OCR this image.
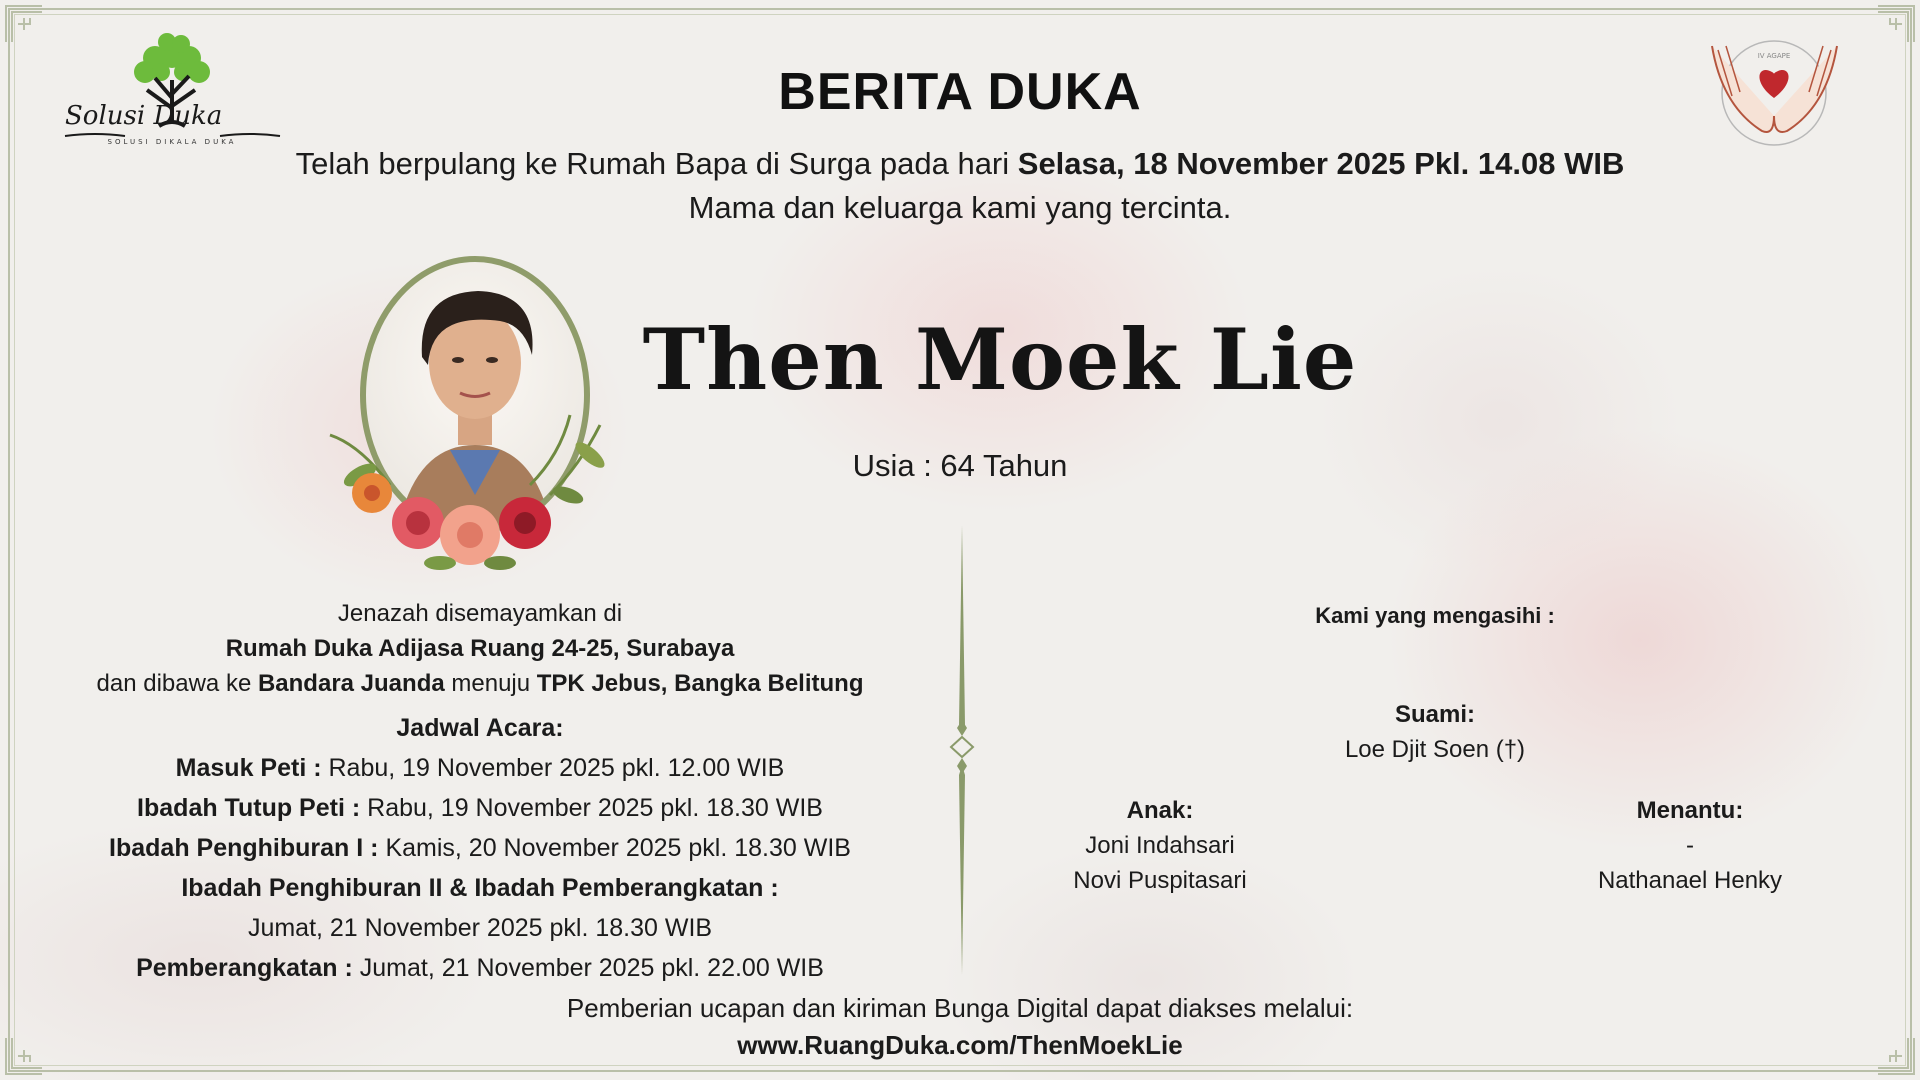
Solusi Duka
SOLUSI DIKALA DUKA
IV AGAPE
BERITA DUKA
Telah berpulang ke Rumah Bapa di Surga pada hari Selasa, 18 November 2025 Pkl. 14.08 WIB
Mama dan keluarga kami yang tercinta.
Then Moek Lie
Usia : 64 Tahun
Jenazah disemayamkan di
Rumah Duka Adijasa Ruang 24-25, Surabaya
dan dibawa ke Bandara Juanda menuju TPK Jebus, Bangka Belitung
Jadwal Acara:
Masuk Peti : Rabu, 19 November 2025 pkl. 12.00 WIB
Ibadah Tutup Peti : Rabu, 19 November 2025 pkl. 18.30 WIB
Ibadah Penghiburan I : Kamis, 20 November 2025 pkl. 18.30 WIB
Ibadah Penghiburan II & Ibadah Pemberangkatan :
Jumat, 21 November 2025 pkl. 18.30 WIB
Pemberangkatan : Jumat, 21 November 2025 pkl. 22.00 WIB
Kami yang mengasihi :
Suami:
Loe Djit Soen (†)
Anak:
Joni Indahsari
Novi Puspitasari
Menantu:
-
Nathanael Henky
Pemberian ucapan dan kiriman Bunga Digital dapat diakses melalui:
www.RuangDuka.com/ThenMoekLie
